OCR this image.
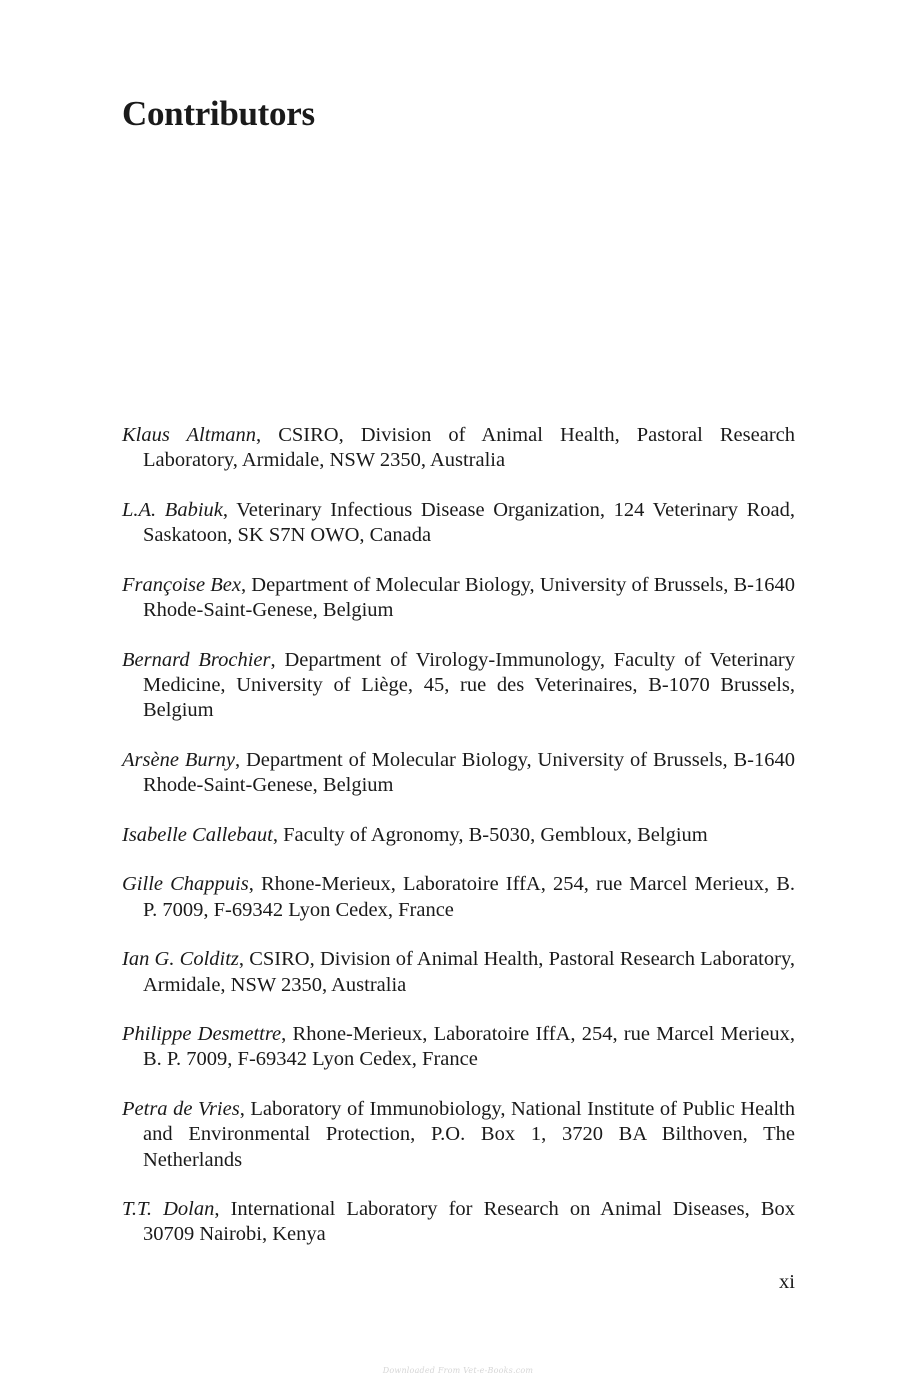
Contributors
Klaus Altmann, CSIRO, Division of Animal Health, Pastoral Research Laboratory, Armidale, NSW 2350, Australia
L.A. Babiuk, Veterinary Infectious Disease Organization, 124 Veterinary Road, Saskatoon, SK S7N OWO, Canada
Françoise Bex, Department of Molecular Biology, University of Brussels, B-1640 Rhode-Saint-Genese, Belgium
Bernard Brochier, Department of Virology-Immunology, Faculty of Veterinary Medicine, University of Liège, 45, rue des Veterinaires, B-1070 Brussels, Belgium
Arsène Burny, Department of Molecular Biology, University of Brussels, B-1640 Rhode-Saint-Genese, Belgium
Isabelle Callebaut, Faculty of Agronomy, B-5030, Gembloux, Belgium
Gille Chappuis, Rhone-Merieux, Laboratoire IffA, 254, rue Marcel Merieux, B. P. 7009, F-69342 Lyon Cedex, France
Ian G. Colditz, CSIRO, Division of Animal Health, Pastoral Research Laboratory, Armidale, NSW 2350, Australia
Philippe Desmettre, Rhone-Merieux, Laboratoire IffA, 254, rue Marcel Merieux, B. P. 7009, F-69342 Lyon Cedex, France
Petra de Vries, Laboratory of Immunobiology, National Institute of Public Health and Environmental Protection, P.O. Box 1, 3720 BA Bilthoven, The Netherlands
T.T. Dolan, International Laboratory for Research on Animal Diseases, Box 30709 Nairobi, Kenya
xi
Downloaded From Vet-e-Books.com
